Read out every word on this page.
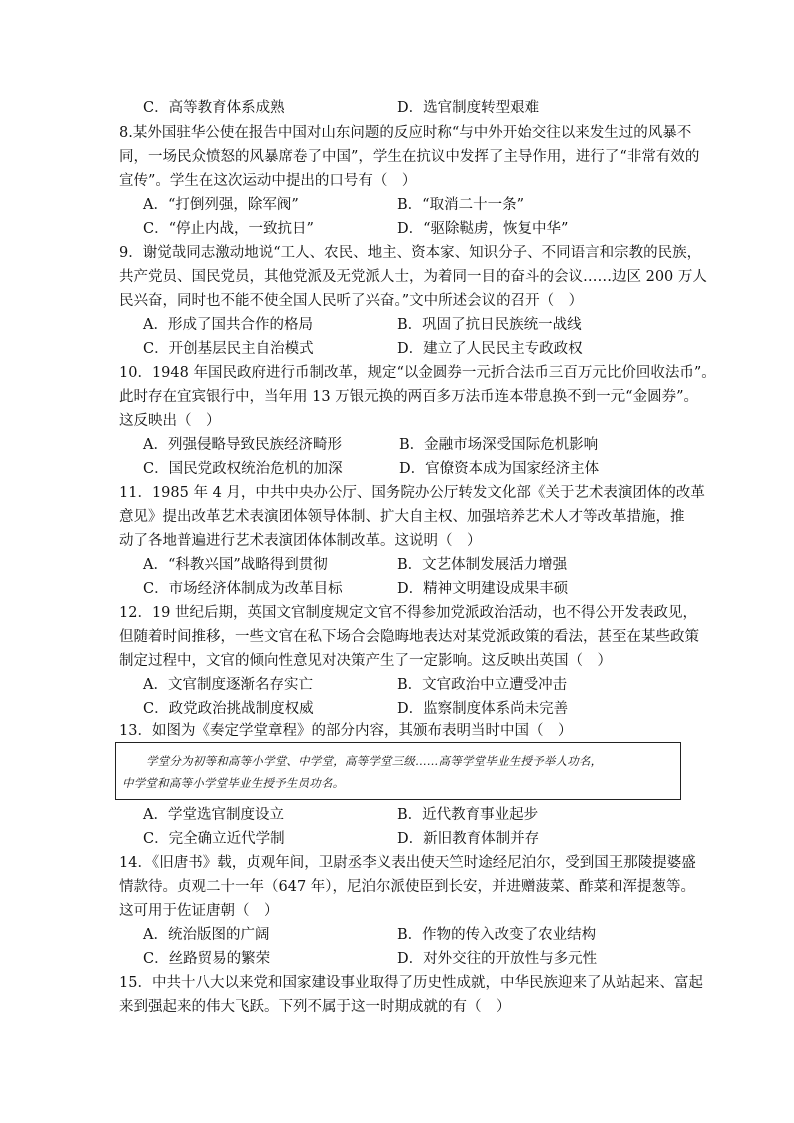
C．高等教育体系成熟	D．选官制度转型艰难
8.某外国驻华公使在报告中国对山东问题的反应时称“与中外开始交往以来发生过的风暴不
同，一场民众愤怒的风暴席卷了中国”，学生在抗议中发挥了主导作用，进行了“非常有效的
宣传”。学生在这次运动中提出的口号有（　）
A．“打倒列强，除军阀”	B．“取消二十一条”
C．“停止内战，一致抗日”	D．“驱除鞑虏，恢复中华”
9．谢觉哉同志激动地说“工人、农民、地主、资本家、知识分子、不同语言和宗教的民族，
共产党员、国民党员，其他党派及无党派人士，为着同一目的奋斗的会议……边区 200 万人
民兴奋，同时也不能不使全国人民听了兴奋。”文中所述会议的召开（　）
A．形成了国共合作的格局	B．巩固了抗日民族统一战线
C．开创基层民主自治模式	D．建立了人民民主专政政权
10．1948 年国民政府进行币制改革，规定“以金圆券一元折合法币三百万元比价回收法币”。
此时存在宜宾银行中，当年用 13 万银元换的两百多万法币连本带息换不到一元“金圆券”。
这反映出（　）
A．列强侵略导致民族经济畸形	B．金融市场深受国际危机影响
C．国民党政权统治危机的加深	D．官僚资本成为国家经济主体
11．1985 年 4 月，中共中央办公厅、国务院办公厅转发文化部《关于艺术表演团体的改革
意见》提出改革艺术表演团体领导体制、扩大自主权、加强培养艺术人才等改革措施，推
动了各地普遍进行艺术表演团体体制改革。这说明（　）
A．“科教兴国”战略得到贯彻	B．文艺体制发展活力增强
C．市场经济体制成为改革目标	D．精神文明建设成果丰硕
12．19 世纪后期，英国文官制度规定文官不得参加党派政治活动，也不得公开发表政见，
但随着时间推移，一些文官在私下场合会隐晦地表达对某党派政策的看法，甚至在某些政策
制定过程中，文官的倾向性意见对决策产生了一定影响。这反映出英国（　）
A．文官制度逐渐名存实亡	B．文官政治中立遭受冲击
C．政党政治挑战制度权威	D．监察制度体系尚未完善
13．如图为《奏定学堂章程》的部分内容，其颁布表明当时中国（　）
学堂分为初等和高等小学堂、中学堂，高等学堂三级……高等学堂毕业生授予举人功名，
中学堂和高等小学堂毕业生授予生员功名。
A．学堂选官制度设立	B．近代教育事业起步
C．完全确立近代学制	D．新旧教育体制并存
14．《旧唐书》载，贞观年间，卫尉丞李义表出使天竺时途经尼泊尔，受到国王那陵提婆盛
情款待。贞观二十一年（647 年），尼泊尔派使臣到长安，并进赠菠菜、酢菜和浑提葱等。
这可用于佐证唐朝（　）
A．统治版图的广阔	B．作物的传入改变了农业结构
C．丝路贸易的繁荣	D．对外交往的开放性与多元性
15．中共十八大以来党和国家建设事业取得了历史性成就，中华民族迎来了从站起来、富起
来到强起来的伟大飞跃。下列不属于这一时期成就的有（　）
